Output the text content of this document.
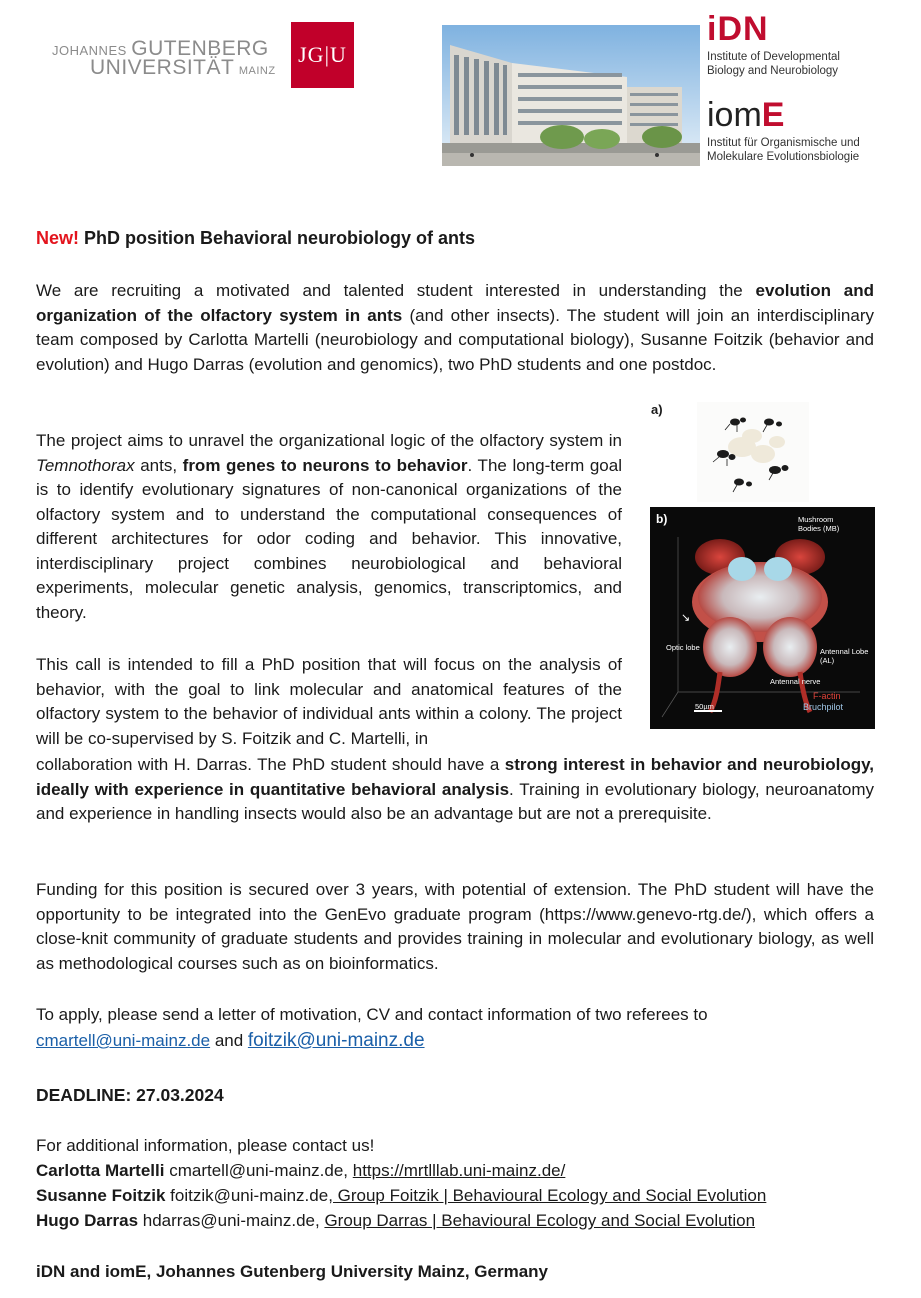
JOHANNES GUTENBERG
UNIVERSITÄT MAINZ
JG|U
iDN
Institute of Developmental
Biology and Neurobiology
iomE
Institut für Organismische und
Molekulare Evolutionsbiologie
New! PhD position Behavioral neurobiology of ants
We are recruiting a motivated and talented student interested in understanding the evolution and organization of the olfactory system in ants (and other insects). The student will join an interdisciplinary team composed by Carlotta Martelli (neurobiology and computational biology), Susanne Foitzik (behavior and evolution) and Hugo Darras (evolution and genomics), two PhD students and one postdoc.
The project aims to unravel the organizational logic of the olfactory system in Temnothorax ants, from genes to neurons to behavior. The long-term goal is to identify evolutionary signatures of non-canonical organizations of the olfactory system and to understand the computational consequences of different architectures for odor coding and behavior. This innovative, interdisciplinary project combines neurobiological and behavioral experiments, molecular genetic analysis, genomics, transcriptomics, and theory.
This call is intended to fill a PhD position that will focus on the analysis of behavior, with the goal to link molecular and anatomical features of the olfactory system to the behavior of individual ants within a colony. The project will be co-supervised by S. Foitzik and C. Martelli, in
collaboration with H. Darras. The PhD student should have a strong interest in behavior and neurobiology, ideally with experience in quantitative behavioral analysis. Training in evolutionary biology, neuroanatomy and experience in handling insects would also be an advantage but are not a prerequisite.
Funding for this position is secured over 3 years, with potential of extension. The PhD student will have the opportunity to be integrated into the GenEvo graduate program (https://www.genevo-rtg.de/), which offers a close-knit community of graduate students and provides training in molecular and evolutionary biology, as well as methodological courses such as on bioinformatics.
To apply, please send a letter of motivation, CV and contact information of two referees to
cmartell@uni-mainz.de and foitzik@uni-mainz.de
DEADLINE: 27.03.2024
For additional information, please contact us!
Carlotta Martelli cmartell@uni-mainz.de, https://mrtlllab.uni-mainz.de/
Susanne Foitzik foitzik@uni-mainz.de, Group Foitzik | Behavioural Ecology and Social Evolution
Hugo Darras hdarras@uni-mainz.de, Group Darras | Behavioural Ecology and Social Evolution
iDN and iomE, Johannes Gutenberg University Mainz, Germany
a)
b)	Mushroom
Bodies (MB)
↘
Optic lobe	Antennal Lobe
(AL)
Antennal nerve
F-actin
Bruchpilot
50µm
